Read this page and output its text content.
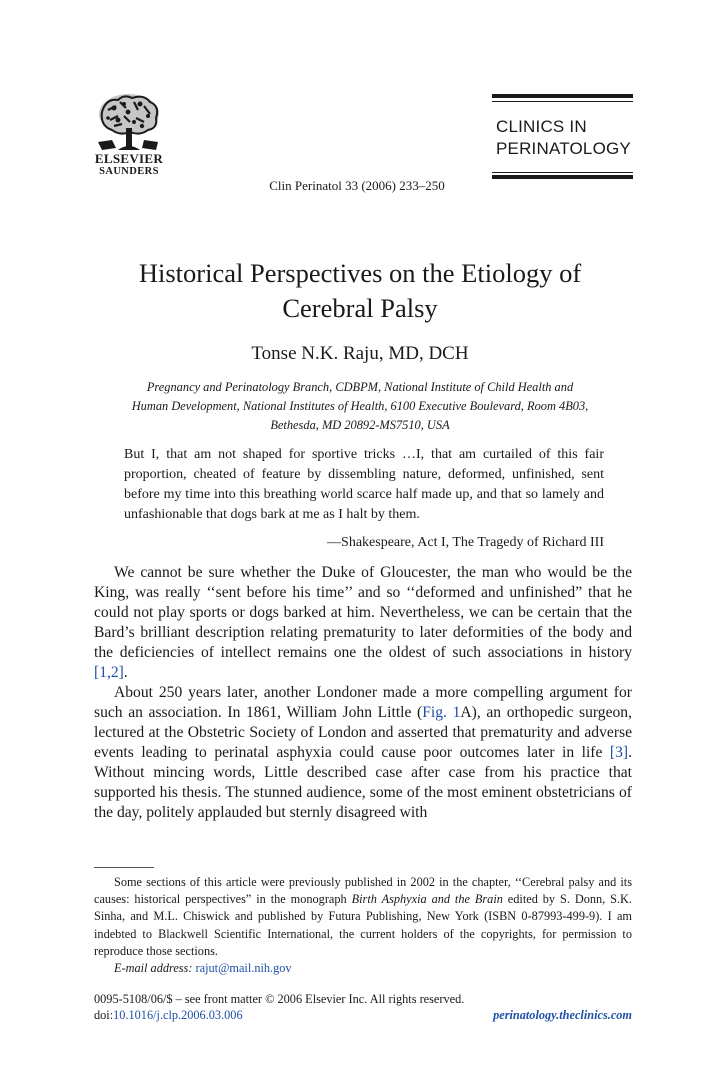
ELSEVIER
SAUNDERS
CLINICS IN
PERINATOLOGY
Clin Perinatol 33 (2006) 233–250
Historical Perspectives on the Etiology of
Cerebral Palsy
Tonse N.K. Raju, MD, DCH
Pregnancy and Perinatology Branch, CDBPM, National Institute of Child Health and
Human Development, National Institutes of Health, 6100 Executive Boulevard, Room 4B03,
Bethesda, MD 20892-MS7510, USA
But I, that am not shaped for sportive tricks …I, that am curtailed of this fair proportion, cheated of feature by dissembling nature, deformed, unfinished, sent before my time into this breathing world scarce half made up, and that so lamely and unfashionable that dogs bark at me as I halt by them.
—Shakespeare, Act I, The Tragedy of Richard III

We cannot be sure whether the Duke of Gloucester, the man who would be the King, was really ‘‘sent before his time’’ and so ‘‘deformed and unfinished” that he could not play sports or dogs barked at him. Nevertheless, we can be certain that the Bard’s brilliant description relating prematurity to later deformities of the body and the deficiencies of intellect remains one the oldest of such associations in history [1,2].

About 250 years later, another Londoner made a more compelling argument for such an association. In 1861, William John Little (Fig. 1A), an orthopedic surgeon, lectured at the Obstetric Society of London and asserted that prematurity and adverse events leading to perinatal asphyxia could cause poor outcomes later in life [3]. Without mincing words, Little described case after case from his practice that supported his thesis. The stunned audience, some of the most eminent obstetricians of the day, politely applauded but sternly disagreed with

Some sections of this article were previously published in 2002 in the chapter, ‘‘Cerebral palsy and its causes: historical perspectives” in the monograph Birth Asphyxia and the Brain edited by S. Donn, S.K. Sinha, and M.L. Chiswick and published by Futura Publishing, New York (ISBN 0-87993-499-9). I am indebted to Blackwell Scientific International, the current holders of the copyrights, for permission to reproduce those sections.

E-mail address: rajut@mail.nih.gov

0095-5108/06/$ – see front matter © 2006 Elsevier Inc. All rights reserved.
doi:10.1016/j.clp.2006.03.006	perinatology.theclinics.com
